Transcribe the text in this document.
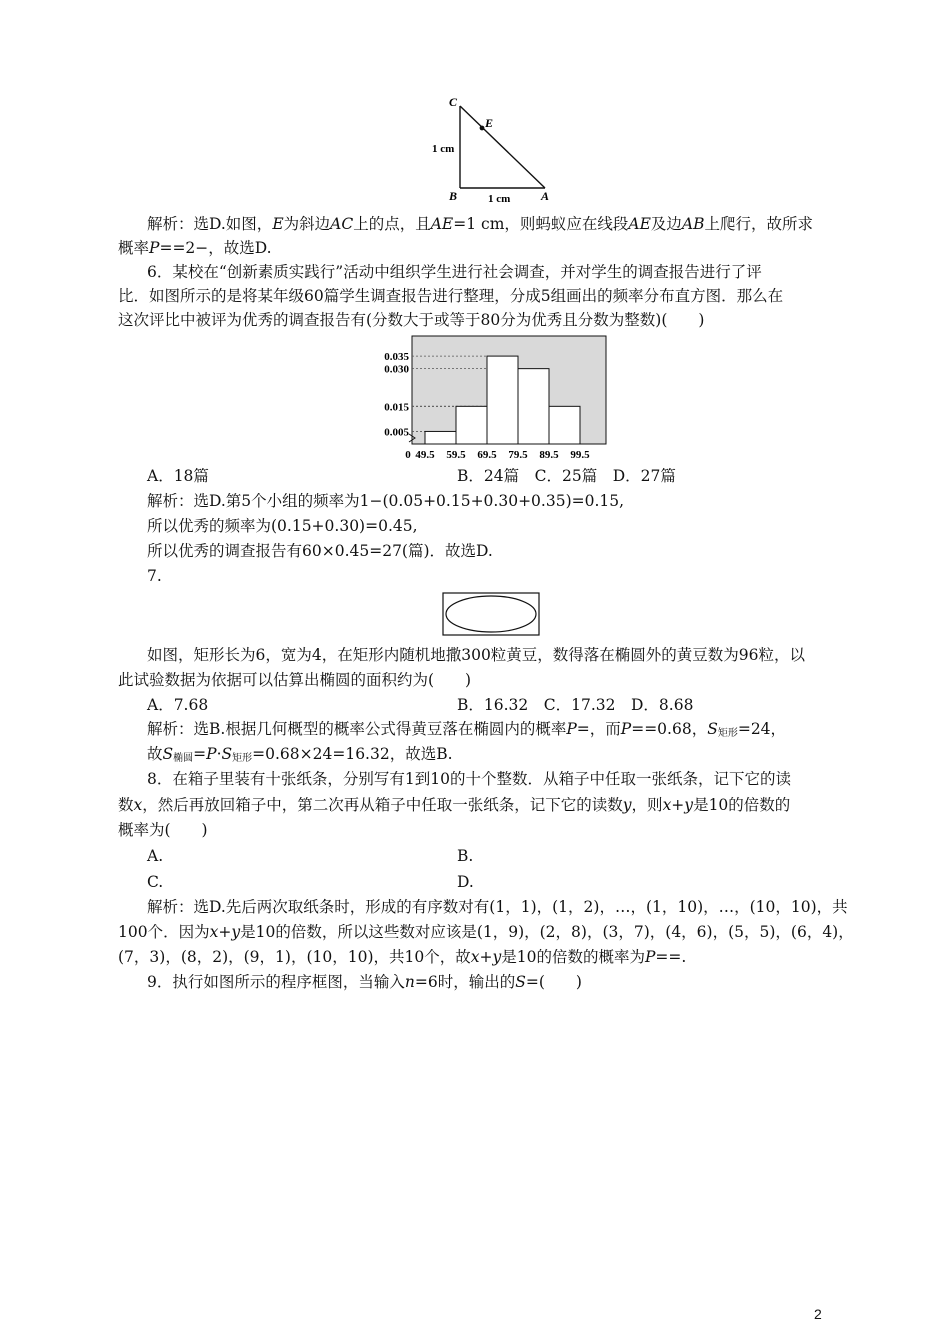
C
E
B	A
1 cm
1 cm
解析：选D.如图，E为斜边AC上的点，且AE=1 cm，则蚂蚁应在线段AE及边AB上爬行，故所求
概率P==2−，故选D.
6．某校在“创新素质实践行”活动中组织学生进行社会调查，并对学生的调查报告进行了评
比．如图所示的是将某年级60篇学生调查报告进行整理，分成5组画出的频率分布直方图．那么在
这次评比中被评为优秀的调查报告有(分数大于或等于80分为优秀且分数为整数)(　　)
0.005
0.015
0.030
0.035
0 49.5 59.5 69.5 79.5 89.5 99.5
A．18篇	B．24篇　C．25篇　D．27篇
解析：选D.第5个小组的频率为1−(0.05+0.15+0.30+0.35)=0.15,
所以优秀的频率为(0.15+0.30)=0.45,
所以优秀的调查报告有60×0.45=27(篇)．故选D.
7.
如图，矩形长为6，宽为4，在矩形内随机地撒300粒黄豆，数得落在椭圆外的黄豆数为96粒，以
此试验数据为依据可以估算出椭圆的面积约为(　　)
A．7.68	B．16.32　C．17.32　D．8.68
解析：选B.根据几何概型的概率公式得黄豆落在椭圆内的概率P=，而P==0.68，$S_{矩形}=24$，
故$S_{椭圆}=P\cdot S_{矩形}=0.68\times 24=16.32$，故选B.
8．在箱子里装有十张纸条，分别写有1到10的十个整数．从箱子中任取一张纸条，记下它的读
数x，然后再放回箱子中，第二次再从箱子中任取一张纸条，记下它的读数y，则x+y是10的倍数的
概率为(　　)
A.	B.
C.	D.
解析：选D.先后两次取纸条时，形成的有序数对有(1，1)，(1，2)，…，(1，10)，…，(10，10)，共
100个．因为x+y是10的倍数，所以这些数对应该是(1，9)，(2，8)，(3，7)，(4，6)，(5，5)，(6，4)，
(7，3)，(8，2)，(9，1)，(10，10)，共10个，故x+y是10的倍数的概率为P==.
9．执行如图所示的程序框图，当输入n=6时，输出的S=(　　)
2
